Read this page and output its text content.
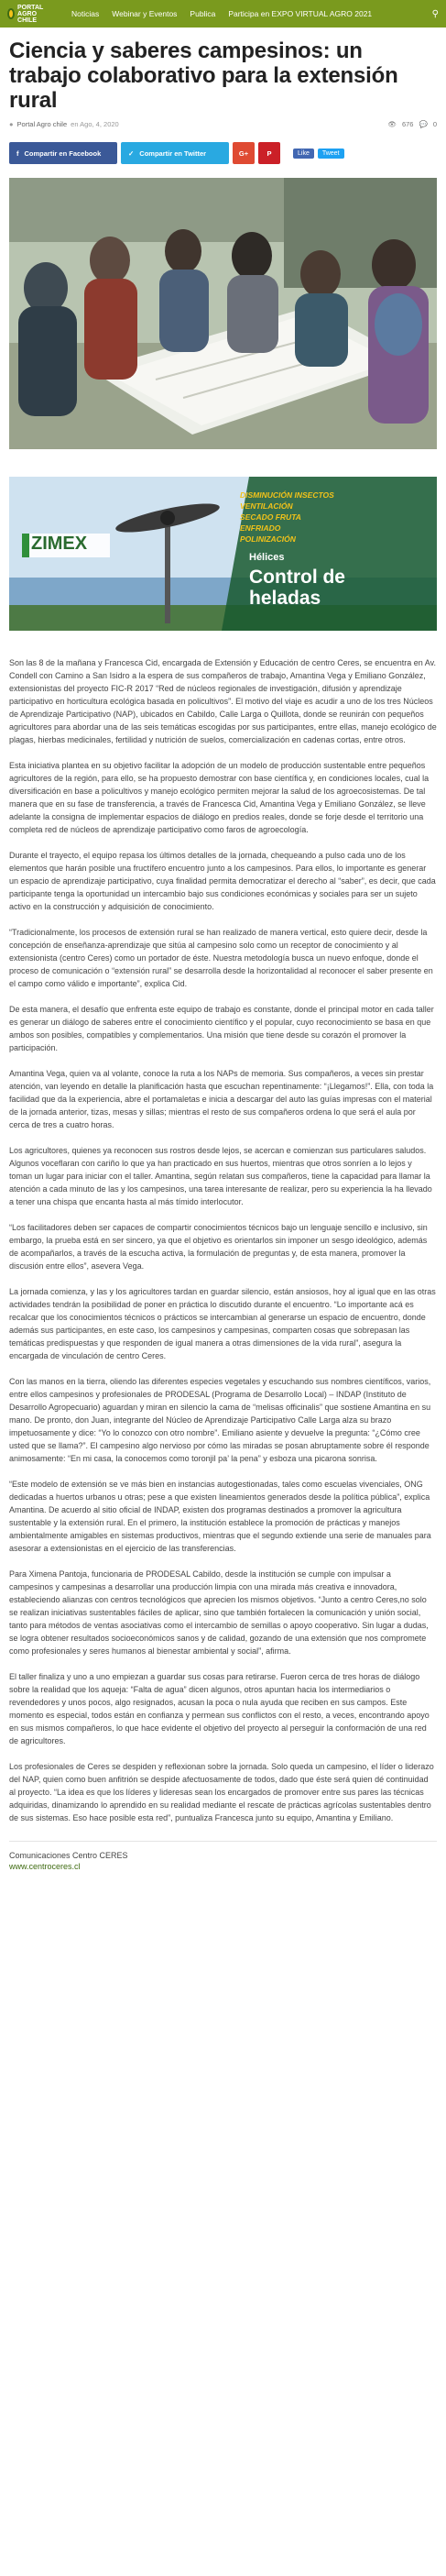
PORTAL AGRO CHILE
Noticias Webinar y Eventos Publica Participa en EXPO VIRTUAL AGRO 2021	⚲
Ciencia y saberes campesinos: un trabajo colaborativo para la extensión rural
● Portal Agro chile en Ago, 4, 2020	👁 676 💬 0
f Compartir en Facebook	✓ Compartir en Twitter	G+	P	Like	Tweet
ZIMEX
DISMINUCIÓN INSECTOS
VENTILACIÓN
SECADO FRUTA
ENFRIADO
POLINIZACIÓN
Hélices
Control de
heladas

Son las 8 de la mañana y Francesca Cid, encargada de Extensión y Educación de centro Ceres, se encuentra en Av. Condell con Camino a San Isidro a la espera de sus compañeros de trabajo, Amantina Vega y Emiliano González, extensionistas del proyecto FIC-R 2017 “Red de núcleos regionales de investigación, difusión y aprendizaje participativo en horticultura ecológica basada en policultivos”. El motivo del viaje es acudir a uno de los tres Núcleos de Aprendizaje Participativo (NAP), ubicados en Cabildo, Calle Larga o Quillota, donde se reunirán con pequeños agricultores para abordar una de las seis temáticas escogidas por sus participantes, entre ellas, manejo ecológico de plagas, hierbas medicinales, fertilidad y nutrición de suelos, comercialización en cadenas cortas, entre otros.

Esta iniciativa plantea en su objetivo facilitar la adopción de un modelo de producción sustentable entre pequeños agricultores de la región, para ello, se ha propuesto demostrar con base científica y, en condiciones locales, cual la diversificación en base a policultivos y manejo ecológico permiten mejorar la salud de los agroecosistemas. De tal manera que en su fase de transferencia, a través de Francesca Cid, Amantina Vega y Emiliano González, se lleve adelante la consigna de implementar espacios de diálogo en predios reales, donde se forje desde el territorio una completa red de núcleos de aprendizaje participativo como faros de agroecología.

Durante el trayecto, el equipo repasa los últimos detalles de la jornada, chequeando a pulso cada uno de los elementos que harán posible una fructífero encuentro junto a los campesinos. Para ellos, lo importante es generar un espacio de aprendizaje participativo, cuya finalidad permita democratizar el derecho al “saber”, es decir, que cada participante tenga la oportunidad un intercambio bajo sus condiciones económicas y sociales para ser un sujeto activo en la construcción y adquisición de conocimiento.

“Tradicionalmente, los procesos de extensión rural se han realizado de manera vertical, esto quiere decir, desde la concepción de enseñanza-aprendizaje que sitúa al campesino solo como un receptor de conocimiento y al extensionista (centro Ceres) como un portador de éste. Nuestra metodología busca un nuevo enfoque, donde el proceso de comunicación o “extensión rural” se desarrolla desde la horizontalidad al reconocer el saber presente en el campo como válido e importante”, explica Cid.

De esta manera, el desafío que enfrenta este equipo de trabajo es constante, donde el principal motor en cada taller es generar un diálogo de saberes entre el conocimiento científico y el popular, cuyo reconocimiento se basa en que ambos son posibles, compatibles y complementarios. Una misión que tiene desde su corazón el promover la participación.

Amantina Vega, quien va al volante, conoce la ruta a los NAPs de memoria. Sus compañeros, a veces sin prestar atención, van leyendo en detalle la planificación hasta que escuchan repentinamente: “¡Llegamos!”. Ella, con toda la facilidad que da la experiencia, abre el portamaletas e inicia a descargar del auto las guías impresas con el material de la jornada anterior, tizas, mesas y sillas; mientras el resto de sus compañeros ordena lo que será el aula por cerca de tres a cuatro horas.

Los agricultores, quienes ya reconocen sus rostros desde lejos, se acercan e comienzan sus particulares saludos. Algunos voceflaran con cariño lo que ya han practicado en sus huertos, mientras que otros sonríen a lo lejos y toman un lugar para iniciar con el taller. Amantina, según relatan sus compañeros, tiene la capacidad para llamar la atención a cada minuto de las y los campesinos, una tarea interesante de realizar, pero su experiencia la ha llevado a tener una chispa que encanta hasta al más tímido interlocutor.

“Los facilitadores deben ser capaces de compartir conocimientos técnicos bajo un lenguaje sencillo e inclusivo, sin embargo, la prueba está en ser sincero, ya que el objetivo es orientarlos sin imponer un sesgo ideológico, además de acompañarlos, a través de la escucha activa, la formulación de preguntas y, de esta manera, promover la discusión entre ellos”, asevera Vega.

La jornada comienza, y las y los agricultores tardan en guardar silencio, están ansiosos, hoy al igual que en las otras actividades tendrán la posibilidad de poner en práctica lo discutido durante el encuentro. “Lo importante acá es recalcar que los conocimientos técnicos o prácticos se intercambian al generarse un espacio de encuentro, donde además sus participantes, en este caso, los campesinos y campesinas, comparten cosas que sobrepasan las temáticas predispuestas y que responden de igual manera a otras dimensiones de la vida rural”, asegura la encargada de vinculación de centro Ceres.

Con las manos en la tierra, oliendo las diferentes especies vegetales y escuchando sus nombres científicos, varios, entre ellos campesinos y profesionales de PRODESAL (Programa de Desarrollo Local) – INDAP (Instituto de Desarrollo Agropecuario) aguardan y miran en silencio la cama de “melisas officinalis” que sostiene Amantina en su mano. De pronto, don Juan, integrante del Núcleo de Aprendizaje Participativo Calle Larga alza su brazo impetuosamente y dice: “Yo lo conozco con otro nombre”. Emiliano asiente y devuelve la pregunta: “¿Cómo cree usted que se llama?”. El campesino algo nervioso por cómo las miradas se posan abruptamente sobre él responde animosamente: “En mi casa, la conocemos como toronjil pa’ la pena” y esboza una picarona sonrisa.

“Este modelo de extensión se ve más bien en instancias autogestionadas, tales como escuelas vivenciales, ONG dedicadas a huertos urbanos u otras; pese a que existen lineamientos generados desde la política pública”, explica Amantina. De acuerdo al sitio oficial de INDAP, existen dos programas destinados a promover la agricultura sustentable y la extensión rural. En el primero, la institución establece la promoción de prácticas y manejos ambientalmente amigables en sistemas productivos, mientras que el segundo extiende una serie de manuales para asesorar a extensionistas en el ejercicio de las transferencias.

Para Ximena Pantoja, funcionaria de PRODESAL Cabildo, desde la institución se cumple con impulsar a campesinos y campesinas a desarrollar una producción limpia con una mirada más creativa e innovadora, estableciendo alianzas con centros tecnológicos que aprecien los mismos objetivos. “Junto a centro Ceres,no solo se realizan iniciativas sustentables fáciles de aplicar, sino que también fortalecen la comunicación y unión social, tanto para métodos de ventas asociativas como el intercambio de semillas o apoyo cooperativo. Sin lugar a dudas, se logra obtener resultados socioeconómicos sanos y de calidad, gozando de una extensión que nos compromete como profesionales y seres humanos al bienestar ambiental y social”, afirma.

El taller finaliza y uno a uno empiezan a guardar sus cosas para retirarse. Fueron cerca de tres horas de diálogo sobre la realidad que los aqueja: “Falta de agua” dicen algunos, otros apuntan hacia los intermediarios o revendedores y unos pocos, algo resignados, acusan la poca o nula ayuda que reciben en sus campos. Este momento es especial, todos están en confianza y permean sus conflictos con el resto, a veces, encontrando apoyo en sus mismos compañeros, lo que hace evidente el objetivo del proyecto al perseguir la conformación de una red de agricultores.

Los profesionales de Ceres se despiden y reflexionan sobre la jornada. Solo queda un campesino, el líder o liderazo del NAP, quien como buen anfitrión se despide afectuosamente de todos, dado que éste será quien dé continuidad al proyecto. “La idea es que los líderes y lideresas sean los encargados de promover entre sus pares las técnicas adquiridas, dinamizando lo aprendido en su realidad mediante el rescate de prácticas agrícolas sustentables dentro de sus sistemas. Eso hace posible esta red”, puntualiza Francesca junto su equipo, Amantina y Emiliano.

Comunicaciones Centro CERES
www.centroceres.cl
